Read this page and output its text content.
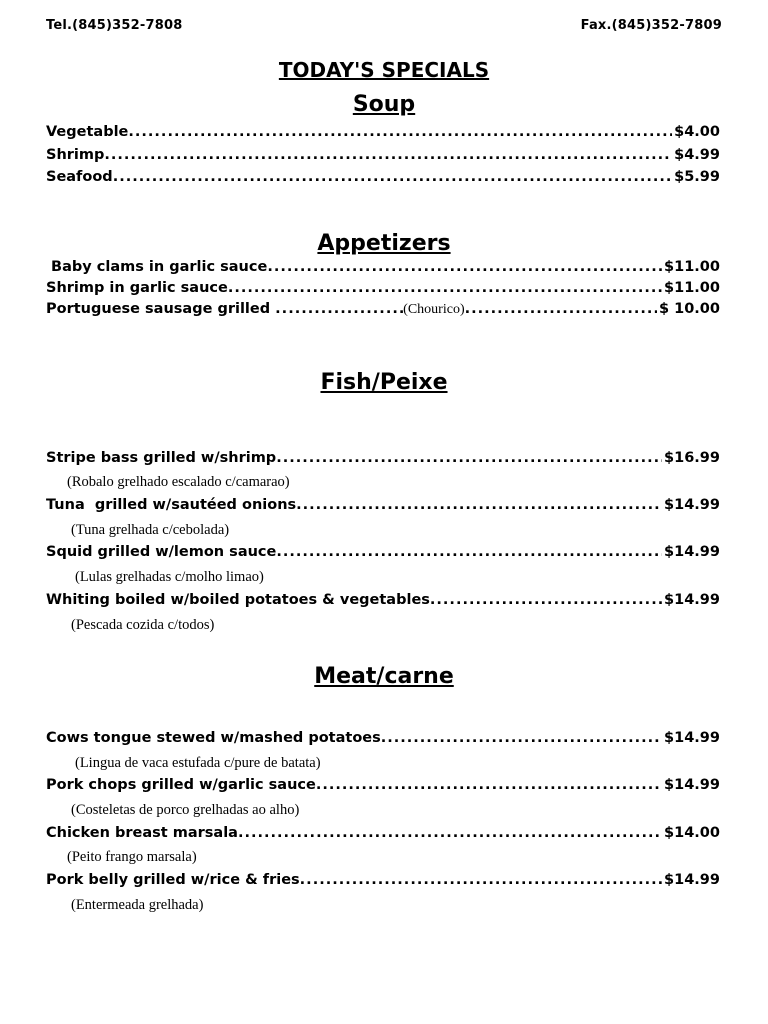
Tel.(845)352-7808	Fax.(845)352-7809
TODAY'S SPECIALS
Soup
Vegetable .....	$4.00
Shrimp .....	$4.99
Seafood .....	$5.99
Appetizers
Baby clams in garlic sauce .....	$11.00
Shrimp in garlic sauce .....	$11.00
Portuguese sausage grilled .....	(Chourico) .....	$ 10.00
Fish/Peixe
Stripe bass grilled w/shrimp .....	$16.99
(Robalo grelhado escalado c/camarao)
Tuna  grilled w/sautéed onions .....	$14.99
(Tuna grelhada c/cebolada)
Squid grilled w/lemon sauce .....	$14.99
(Lulas grelhadas c/molho limao)
Whiting boiled w/boiled potatoes & vegetables .....	$14.99
(Pescada cozida c/todos)
Meat/carne
Cows tongue stewed w/mashed potatoes .....	$14.99
(Lingua de vaca estufada c/pure de batata)
Pork chops grilled w/garlic sauce .....	$14.99
(Costeletas de porco grelhadas ao alho)
Chicken breast marsala .....	$14.00
(Peito frango marsala)
Pork belly grilled w/rice & fries .....	$14.99
(Entermeada grelhada)
